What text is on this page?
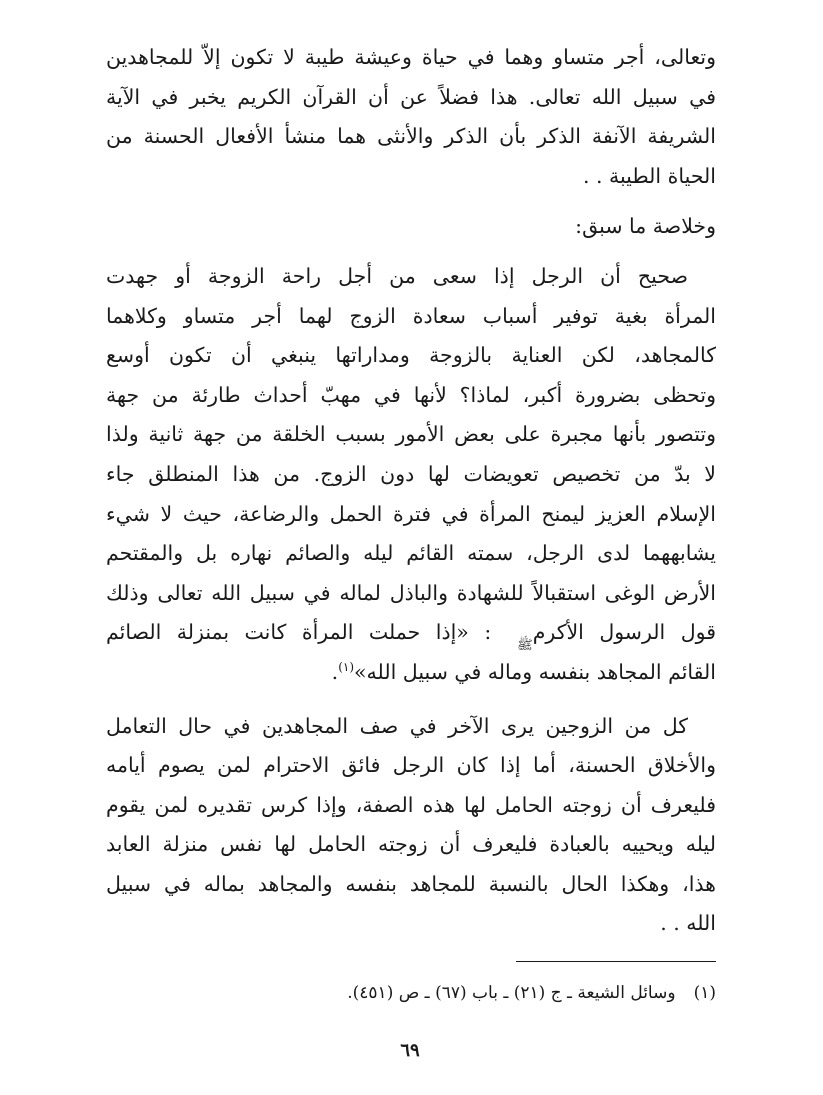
وتعالى، أجر متساو وهما في حياة وعيشة طيبة لا تكون إلاّ للمجاهدين
في سبيل الله تعالى. هذا فضلاً عن أن القرآن الكريم يخبر في الآية
الشريفة الآنفة الذكر بأن الذكر والأنثى هما منشأ الأفعال الحسنة من
الحياة الطيبة . .
وخلاصة ما سبق:
صحيح أن الرجل إذا سعى من أجل راحة الزوجة أو جهدت
المرأة بغية توفير أسباب سعادة الزوج لهما أجر متساو وكلاهما
كالمجاهد، لكن العناية بالزوجة ومداراتها ينبغي أن تكون أوسع
وتحظى بضرورة أكبر، لماذا؟ لأنها في مهبّ أحداث طارئة من جهة
وتتصور بأنها مجبرة على بعض الأمور بسبب الخلقة من جهة ثانية ولذا
لا بدّ من تخصيص تعويضات لها دون الزوج. من هذا المنطلق جاء
الإسلام العزيز ليمنح المرأة في فترة الحمل والرضاعة، حيث لا شيء
يشابههما لدى الرجل، سمته القائم ليله والصائم نهاره بل والمقتحم
الأرض الوغى استقبالاً للشهادة والباذل لماله في سبيل الله تعالى وذلك
قول الرسول الأكرمﷺ : «إذا حملت المرأة كانت بمنزلة الصائم
القائم المجاهد بنفسه وماله في سبيل الله»$^{(١)}$.
كل من الزوجين يرى الآخر في صف المجاهدين في حال التعامل
والأخلاق الحسنة، أما إذا كان الرجل فائق الاحترام لمن يصوم أيامه
فليعرف أن زوجته الحامل لها هذه الصفة، وإذا كرس تقديره لمن يقوم
ليله ويحييه بالعبادة فليعرف أن زوجته الحامل لها نفس منزلة العابد
هذا، وهكذا الحال بالنسبة للمجاهد بنفسه والمجاهد بماله في سبيل
الله . .
(١)وسائل الشيعة ـ ج (٢١) ـ باب (٦٧) ـ ص (٤٥١).
٦٩
